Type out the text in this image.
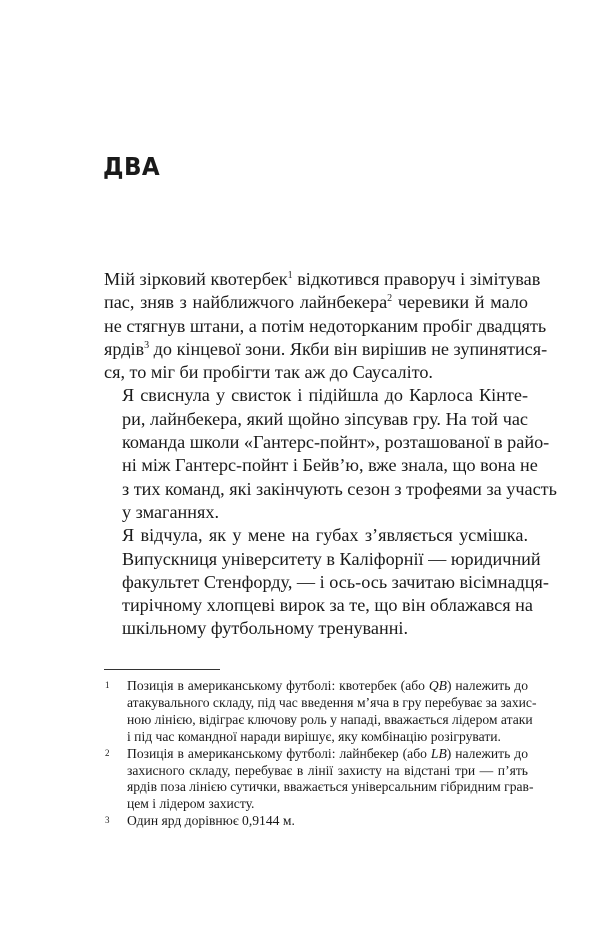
ДВА

Мій зірковий квотербек$^1$ відкотився праворуч і зімітував
пас, зняв з найближчого лайнбекера$^2$ черевики й мало
не стягнув штани, а потім недоторканим пробіг двадцять
ярдів$^3$ до кінцевої зони. Якби він вирішив не зупинятися-
ся, то міг би пробігти так аж до Саусаліто.

Я свиснула у свисток і підійшла до Карлоса Кінте-
ри, лайнбекера, який щойно зіпсував гру. На той час
команда школи «Гантерс-пойнт», розташованої в райо-
ні між Гантерс-пойнт і Бейв’ю, вже знала, що вона не
з тих команд, які закінчують сезон з трофеями за участь
у змаганнях.

Я відчула, як у мене на губах з’являється усмішка.
Випускниця університету в Каліфорнії — юридичний
факультет Стенфорду, — і ось-ось зачитаю вісімнадця-
тирічному хлопцеві вирок за те, що він облажався на
шкільному футбольному тренуванні.

1 Позиція в американському футболі: квотербек (або QB) належить до
атакувального складу, під час введення м’яча в гру перебуває за захис-
ною лінією, відіграє ключову роль у нападі, вважається лідером атаки
і під час командної наради вирішує, яку комбінацію розігрувати.
2 Позиція в американському футболі: лайнбекер (або LB) належить до
захисного складу, перебуває в лінії захисту на відстані три — п’ять
ярдів поза лінією сутички, вважається універсальним гібридним грав-
цем і лідером захисту.
3 Один ярд дорівнює 0,9144 м.
